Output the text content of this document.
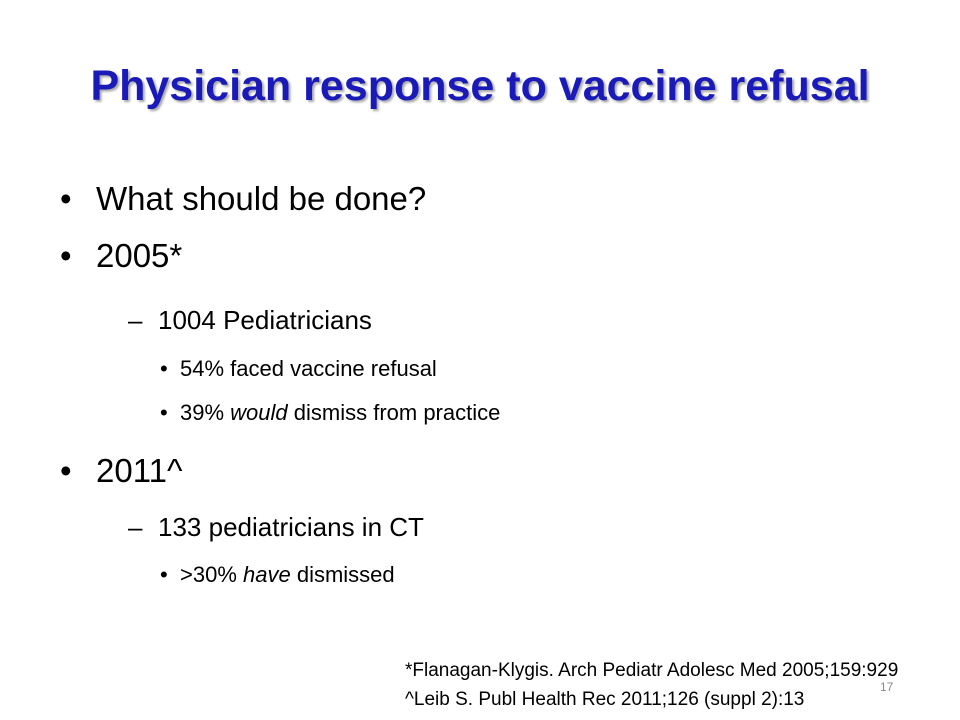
Physician response to vaccine refusal
• What should be done?
• 2005*
– 1004 Pediatricians
• 54% faced vaccine refusal
• 39% would dismiss from practice
• 2011^
– 133 pediatricians in CT
• >30% have dismissed
*Flanagan-Klygis. Arch Pediatr Adolesc Med 2005;159:929
^Leib S. Publ Health Rec 2011;126 (suppl 2):13
17
